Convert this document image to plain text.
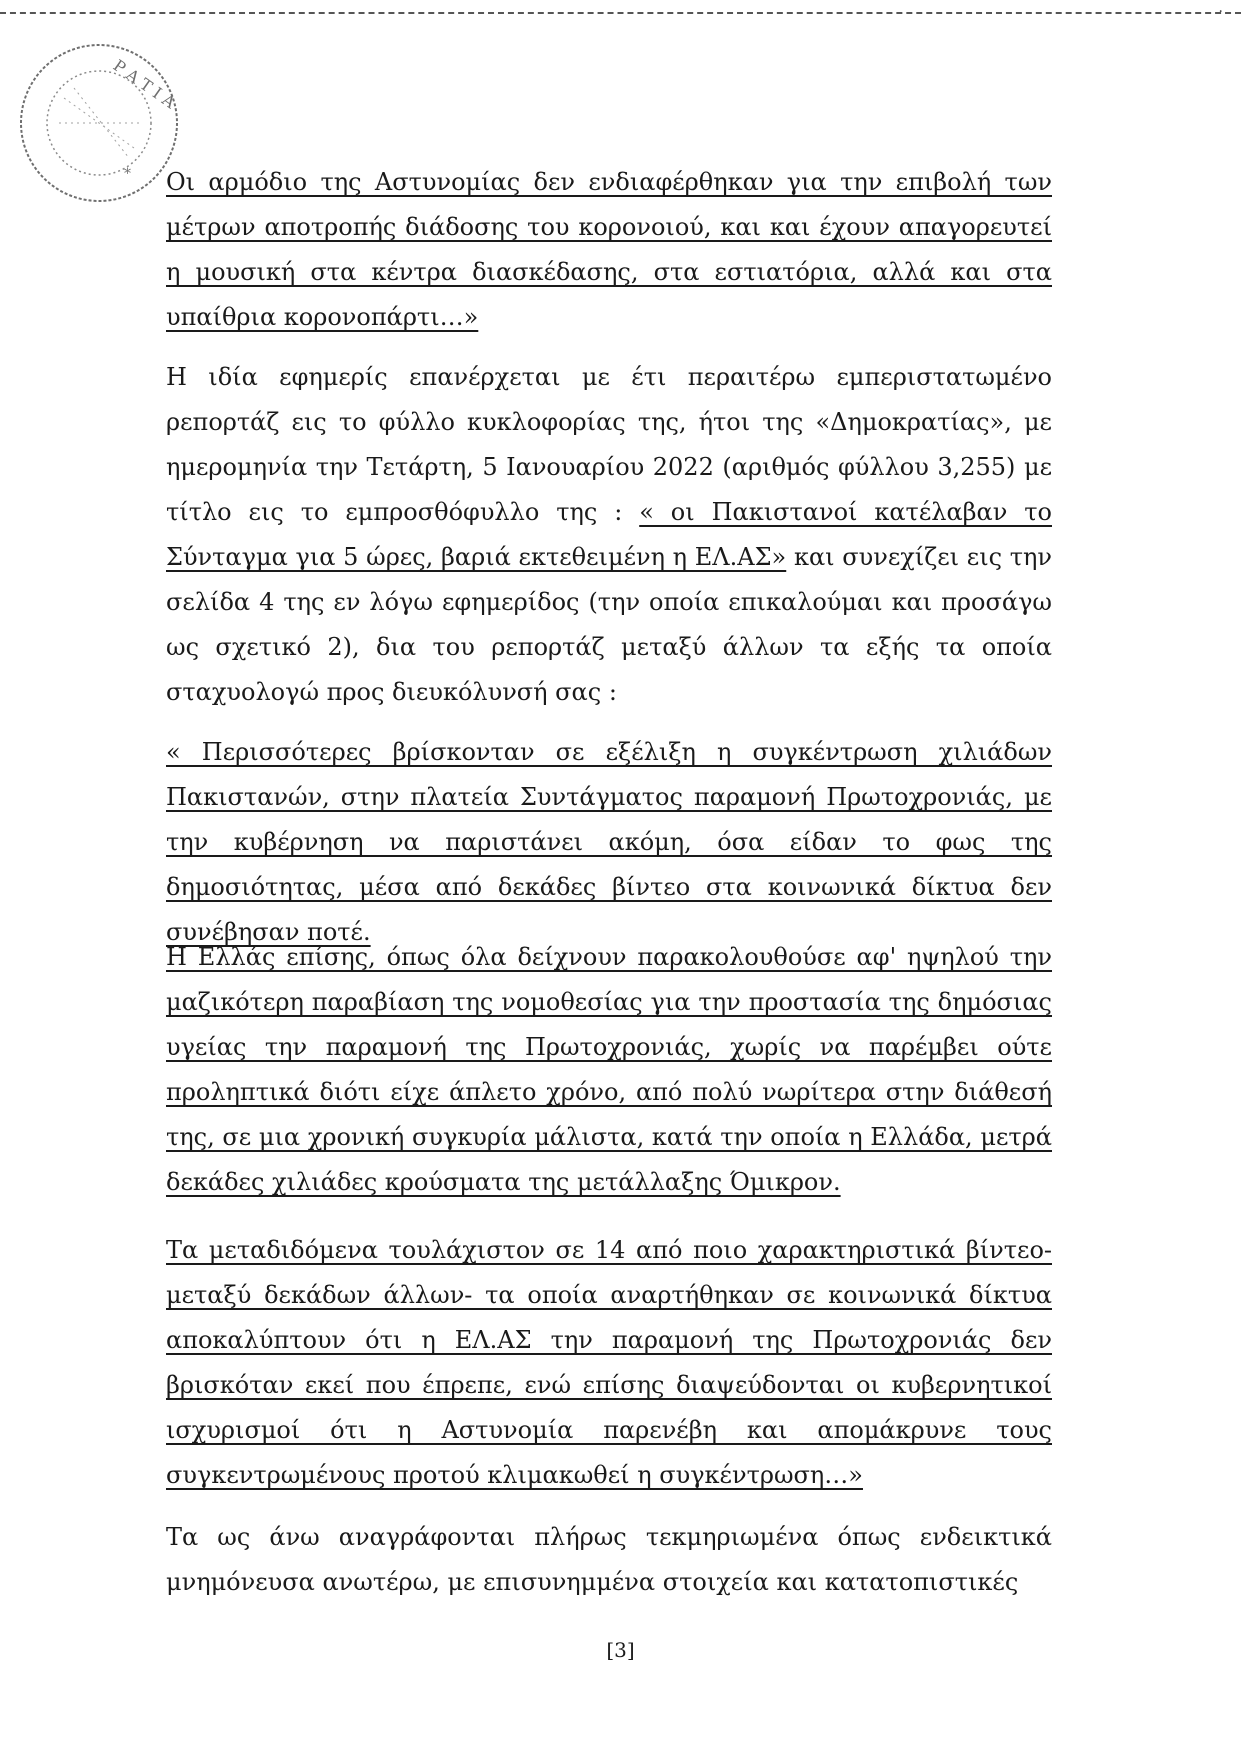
·
Ρ Α Τ Ι Α
* Οι αρμόδιο της Αστυνομίας δεν ενδιαφέρθηκαν για την επιβολή των μέτρων αποτροπής διάδοσης του κορονοιού, και και έχουν απαγορευτεί η μουσική στα κέντρα διασκέδασης, στα εστιατόρια, αλλά και στα υπαίθρια κορονοπάρτι…»
Η ιδία εφημερίς επανέρχεται με έτι περαιτέρω εμπεριστατωμένο ρεπορτάζ εις το φύλλο κυκλοφορίας της, ήτοι της «Δημοκρατίας», με ημερομηνία την Τετάρτη, 5 Ιανουαρίου 2022 (αριθμός φύλλου 3,255) με τίτλο εις το εμπροσθόφυλλο της : « οι Πακιστανοί κατέλαβαν το Σύνταγμα για 5 ώρες, βαριά εκτεθειμένη η ΕΛ.ΑΣ» και συνεχίζει εις την σελίδα 4 της εν λόγω εφημερίδος (την οποία επικαλούμαι και προσάγω ως σχετικό 2), δια του ρεπορτάζ μεταξύ άλλων τα εξής τα οποία σταχυολογώ προς διευκόλυνσή σας :
« Περισσότερες βρίσκονταν σε εξέλιξη η συγκέντρωση χιλιάδων Πακιστανών, στην πλατεία Συντάγματος παραμονή Πρωτοχρονιάς, με την κυβέρνηση να παριστάνει ακόμη, όσα είδαν το φως της δημοσιότητας, μέσα από δεκάδες βίντεο στα κοινωνικά δίκτυα δεν συνέβησαν ποτέ.
Η Ελλάς επίσης, όπως όλα δείχνουν παρακολουθούσε αφ' ηψηλού την μαζικότερη παραβίαση της νομοθεσίας για την προστασία της δημόσιας υγείας την παραμονή της Πρωτοχρονιάς, χωρίς να παρέμβει ούτε προληπτικά διότι είχε άπλετο χρόνο, από πολύ νωρίτερα στην διάθεσή της, σε μια χρονική συγκυρία μάλιστα, κατά την οποία η Ελλάδα, μετρά δεκάδες χιλιάδες κρούσματα της μετάλλαξης Όμικρον.
Τα μεταδιδόμενα τουλάχιστον σε 14 από ποιο χαρακτηριστικά βίντεο- μεταξύ δεκάδων άλλων- τα οποία αναρτήθηκαν σε κοινωνικά δίκτυα αποκαλύπτουν ότι η ΕΛ.ΑΣ την παραμονή της Πρωτοχρονιάς δεν βρισκόταν εκεί που έπρεπε, ενώ επίσης διαψεύδονται οι κυβερνητικοί ισχυρισμοί ότι η Αστυνομία παρενέβη και απομάκρυνε τους συγκεντρωμένους προτού κλιμακωθεί η συγκέντρωση…»
Τα ως άνω αναγράφονται πλήρως τεκμηριωμένα όπως ενδεικτικά μνημόνευσα ανωτέρω, με επισυνημμένα στοιχεία και κατατοπιστικές
[3]
